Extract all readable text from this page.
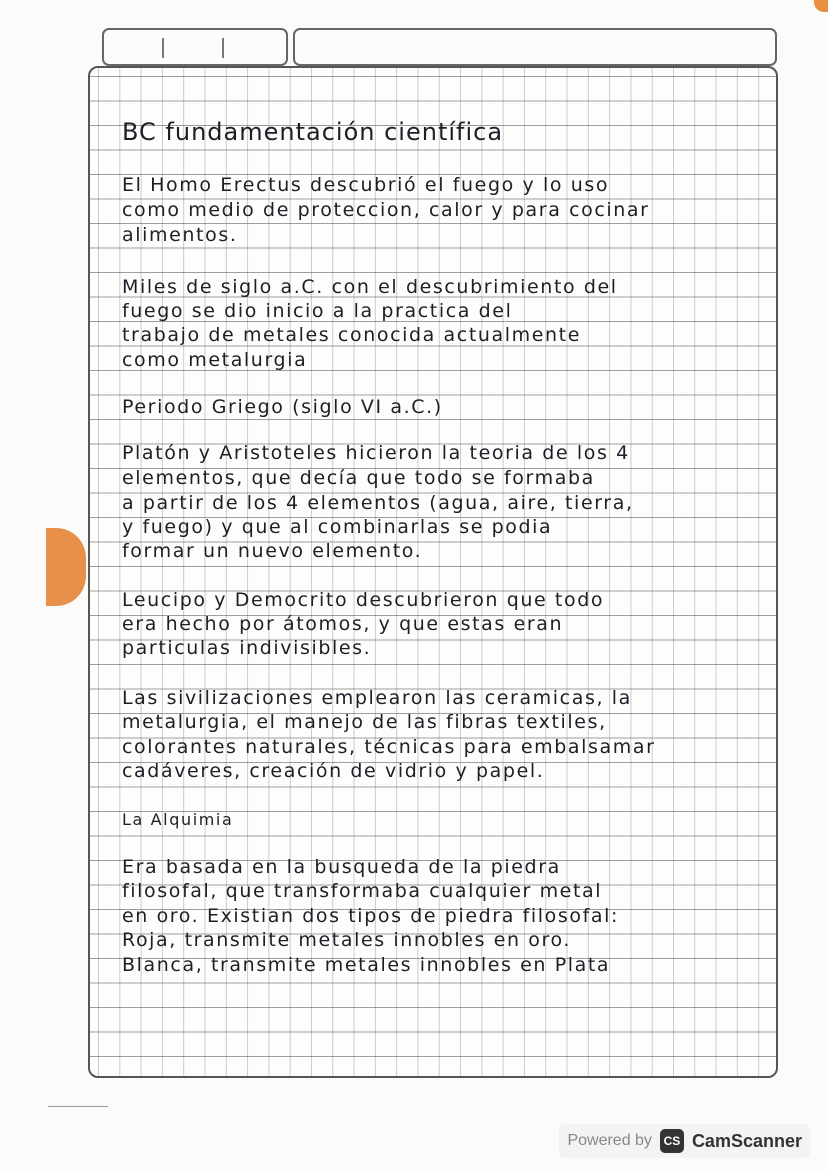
BC fundamentación científica
El Homo Erectus descubrió el fuego y lo uso
como medio de proteccion, calor y para cocinar
alimentos.
Miles de siglo a.C. con el descubrimiento del
fuego se dio inicio a la practica del
trabajo de metales conocida actualmente
como metalurgia
Periodo Griego (siglo VI a.C.)
Platón y Aristoteles hicieron la teoria de los 4
elementos, que decía que todo se formaba
a partir de los 4 elementos (agua, aire, tierra,
y fuego) y que al combinarlas se podia
formar un nuevo elemento.
Leucipo y Democrito descubrieron que todo
era hecho por átomos, y que estas eran
particulas indivisibles.
Las sivilizaciones emplearon las ceramicas, la
metalurgia, el manejo de las fibras textiles,
colorantes naturales, técnicas para embalsamar
cadáveres, creación de vidrio y papel.
La Alquimia
Era basada en la busqueda de la piedra
filosofal, que transformaba cualquier metal
en oro. Existian dos tipos de piedra filosofal:
Roja, transmite metales innobles en oro.
Blanca, transmite metales innobles en Plata
Powered by CS CamScanner
